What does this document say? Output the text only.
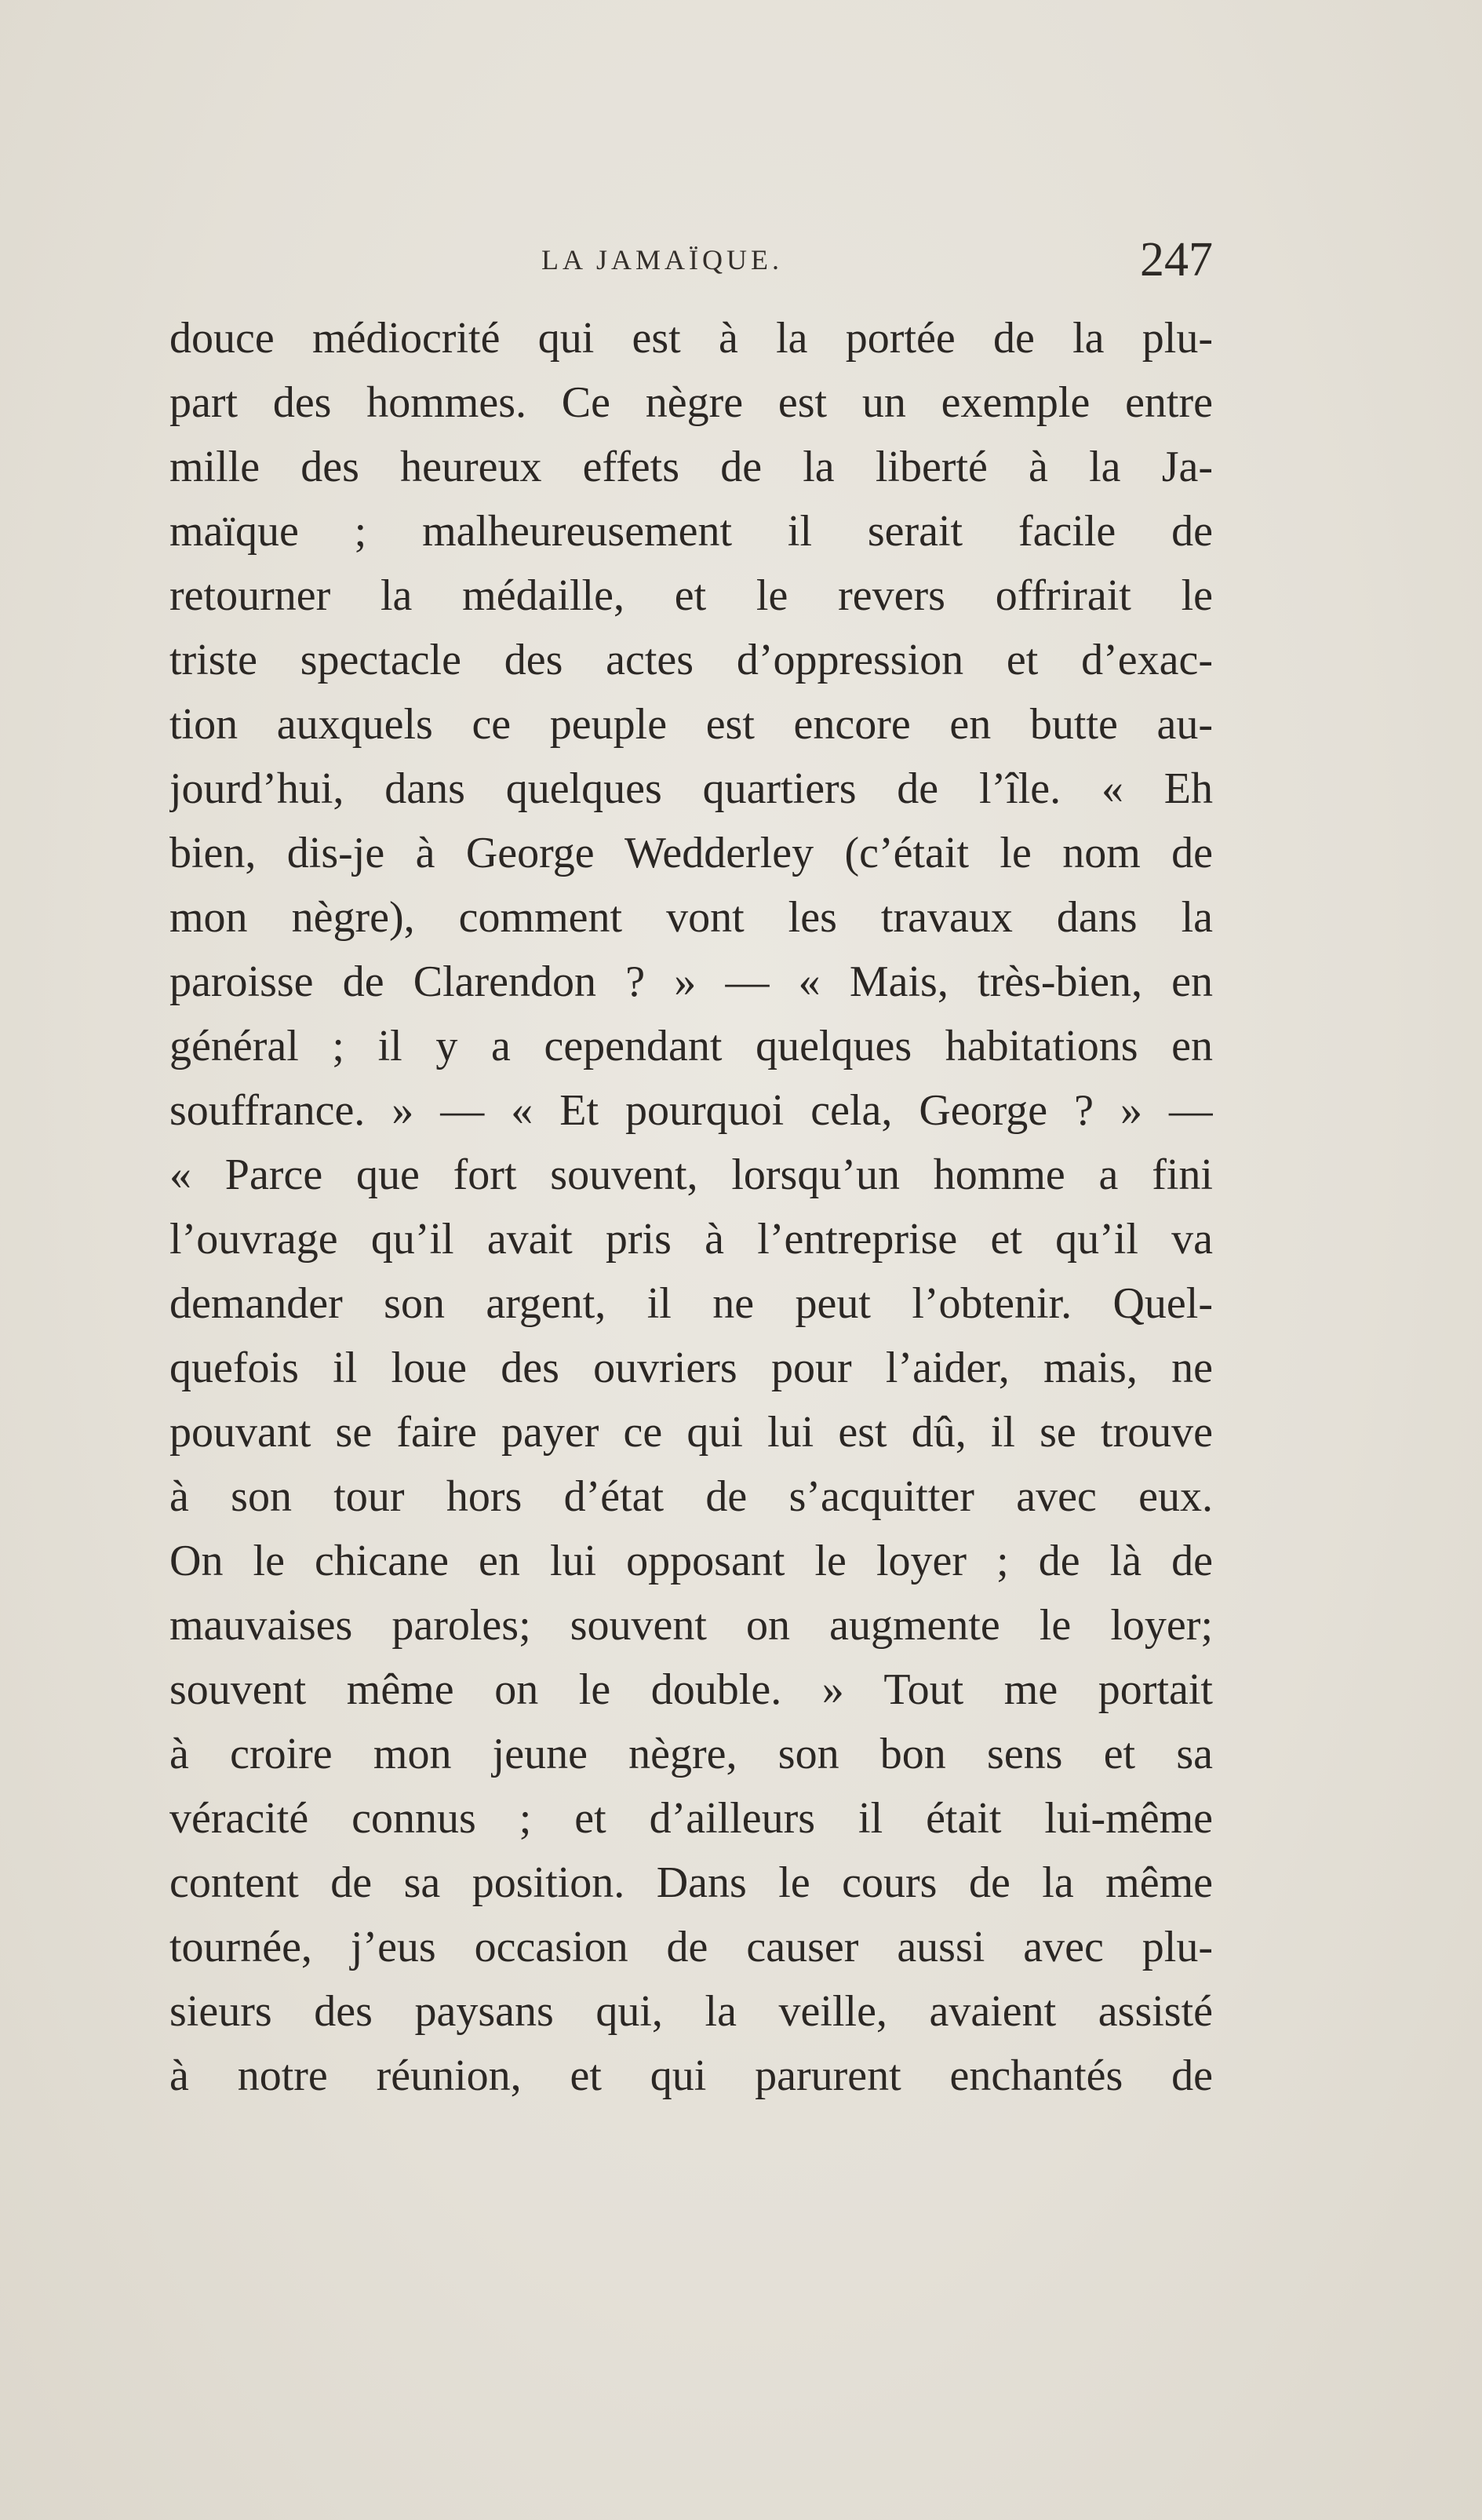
LA JAMAÏQUE.	247
douce médiocrité qui est à la portée de la plu-
part des hommes. Ce nègre est un exemple entre
mille des heureux effets de la liberté à la Ja-
maïque ; malheureusement il serait facile de
retourner la médaille, et le revers offrirait le
triste spectacle des actes d’oppression et d’exac-
tion auxquels ce peuple est encore en butte au-
jourd’hui, dans quelques quartiers de l’île. « Eh
bien, dis-je à George Wedderley (c’était le nom de
mon nègre), comment vont les travaux dans la
paroisse de Clarendon ? » — « Mais, très-bien, en
général ; il y a cependant quelques habitations en
souffrance. » — « Et pourquoi cela, George ? » —
« Parce que fort souvent, lorsqu’un homme a fini
l’ouvrage qu’il avait pris à l’entreprise et qu’il va
demander son argent, il ne peut l’obtenir. Quel-
quefois il loue des ouvriers pour l’aider, mais, ne
pouvant se faire payer ce qui lui est dû, il se trouve
à son tour hors d’état de s’acquitter avec eux.
On le chicane en lui opposant le loyer ; de là de
mauvaises paroles; souvent on augmente le loyer;
souvent même on le double. » Tout me portait
à croire mon jeune nègre, son bon sens et sa
véracité connus ; et d’ailleurs il était lui-même
content de sa position. Dans le cours de la même
tournée, j’eus occasion de causer aussi avec plu-
sieurs des paysans qui, la veille, avaient assisté
à notre réunion, et qui parurent enchantés de
